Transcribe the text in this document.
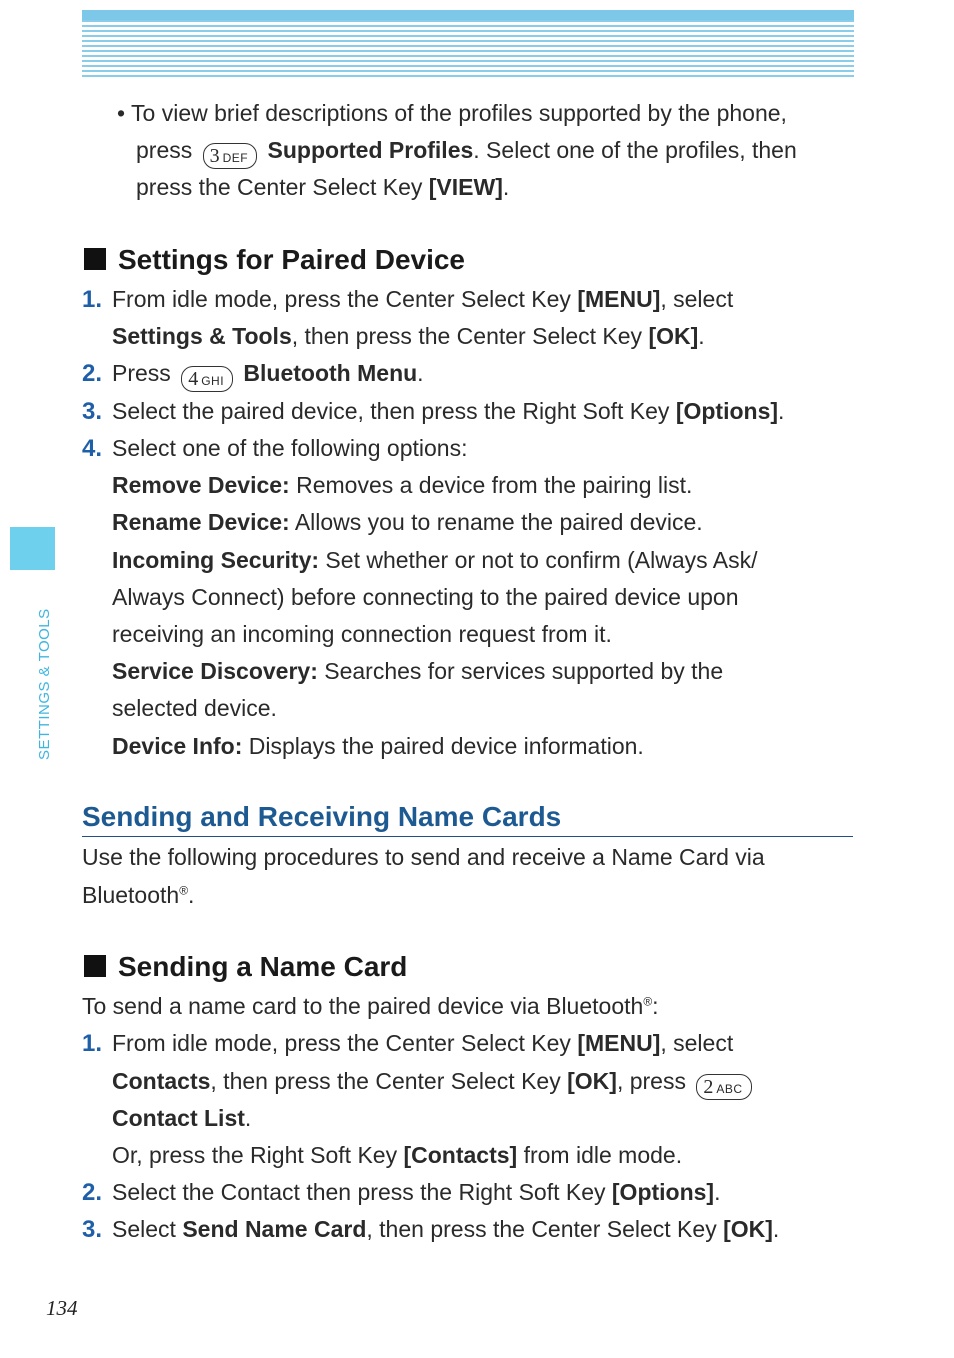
SETTINGS & TOOLS
• To view brief descriptions of the profiles supported by the phone,
press 3 DEF Supported Profiles. Select one of the profiles, then
press the Center Select Key [VIEW].
Settings for Paired Device
1. From idle mode, press the Center Select Key [MENU], select
Settings & Tools, then press the Center Select Key [OK].
2. Press 4 GHI Bluetooth Menu.
3. Select the paired device, then press the Right Soft Key [Options].
4. Select one of the following options:
Remove Device: Removes a device from the pairing list.
Rename Device: Allows you to rename the paired device.
Incoming Security: Set whether or not to confirm (Always Ask/
Always Connect) before connecting to the paired device upon
receiving an incoming connection request from it.
Service Discovery: Searches for services supported by the
selected device.
Device Info: Displays the paired device information.
Sending and Receiving Name Cards
Use the following procedures to send and receive a Name Card via
Bluetooth®.
Sending a Name Card
To send a name card to the paired device via Bluetooth®:
1. From idle mode, press the Center Select Key [MENU], select
Contacts, then press the Center Select Key [OK], press 2 ABC
Contact List.
Or, press the Right Soft Key [Contacts] from idle mode.
2. Select the Contact then press the Right Soft Key [Options].
3. Select Send Name Card, then press the Center Select Key [OK].
134
